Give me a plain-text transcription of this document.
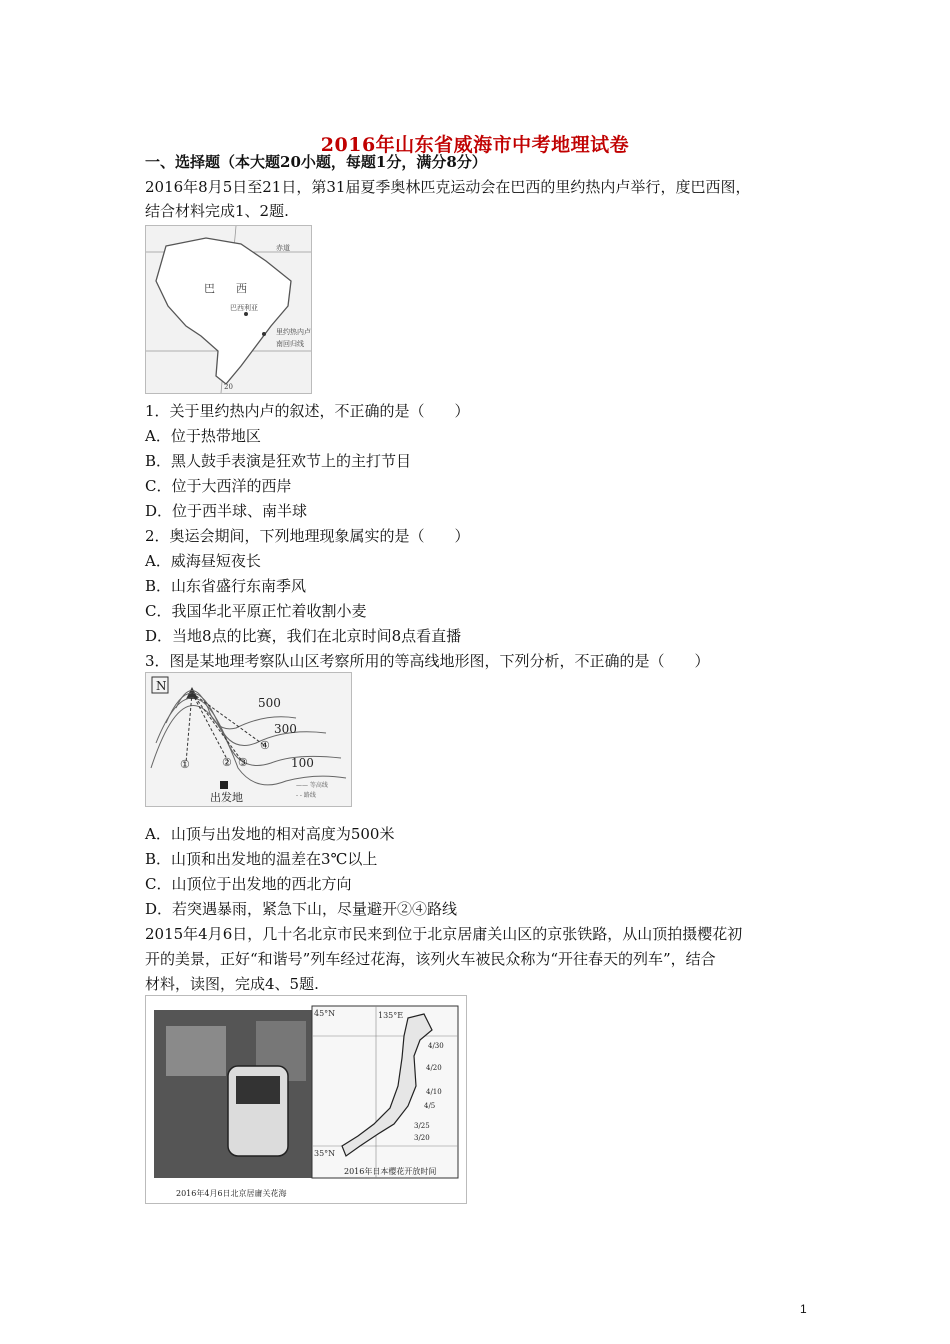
2016年山东省威海市中考地理试卷
一、选择题（本大题20小题，每题1分，满分8分）
2016年8月5日至21日，第31届夏季奥林匹克运动会在巴西的里约热内卢举行，度巴西图，
结合材料完成1、2题.
巴 西
巴西利亚
里约热内卢
南回归线
赤道
20
1．关于里约热内卢的叙述，不正确的是（　　）
A．位于热带地区
B．黑人鼓手表演是狂欢节上的主打节目
C．位于大西洋的西岸
D．位于西半球、南半球
2．奥运会期间，下列地理现象属实的是（　　）
A．威海昼短夜长
B．山东省盛行东南季风
C．我国华北平原正忙着收割小麦
D．当地8点的比赛，我们在北京时间8点看直播
3．图是某地理考察队山区考察所用的等高线地形图，下列分析，不正确的是（　　）
N
500
300
100
①	② ③
④
出发地
—— 等高线
- - 路线
A．山顶与出发地的相对高度为500米
B．山顶和出发地的温差在3℃以上
C．山顶位于出发地的西北方向
D．若突遇暴雨，紧急下山，尽量避开②④路线
2015年4月6日，几十名北京市民来到位于北京居庸关山区的京张铁路，从山顶拍摄樱花初
开的美景，正好“和谐号”列车经过花海，该列火车被民众称为“开往春天的列车”，结合
材料，读图，完成4、5题.
135°E
45°N
35°N
4/30
4/20
4/10
4/5
3/25
3/20
2016年日本樱花开放时间
2016年4月6日北京居庸关花海
1
